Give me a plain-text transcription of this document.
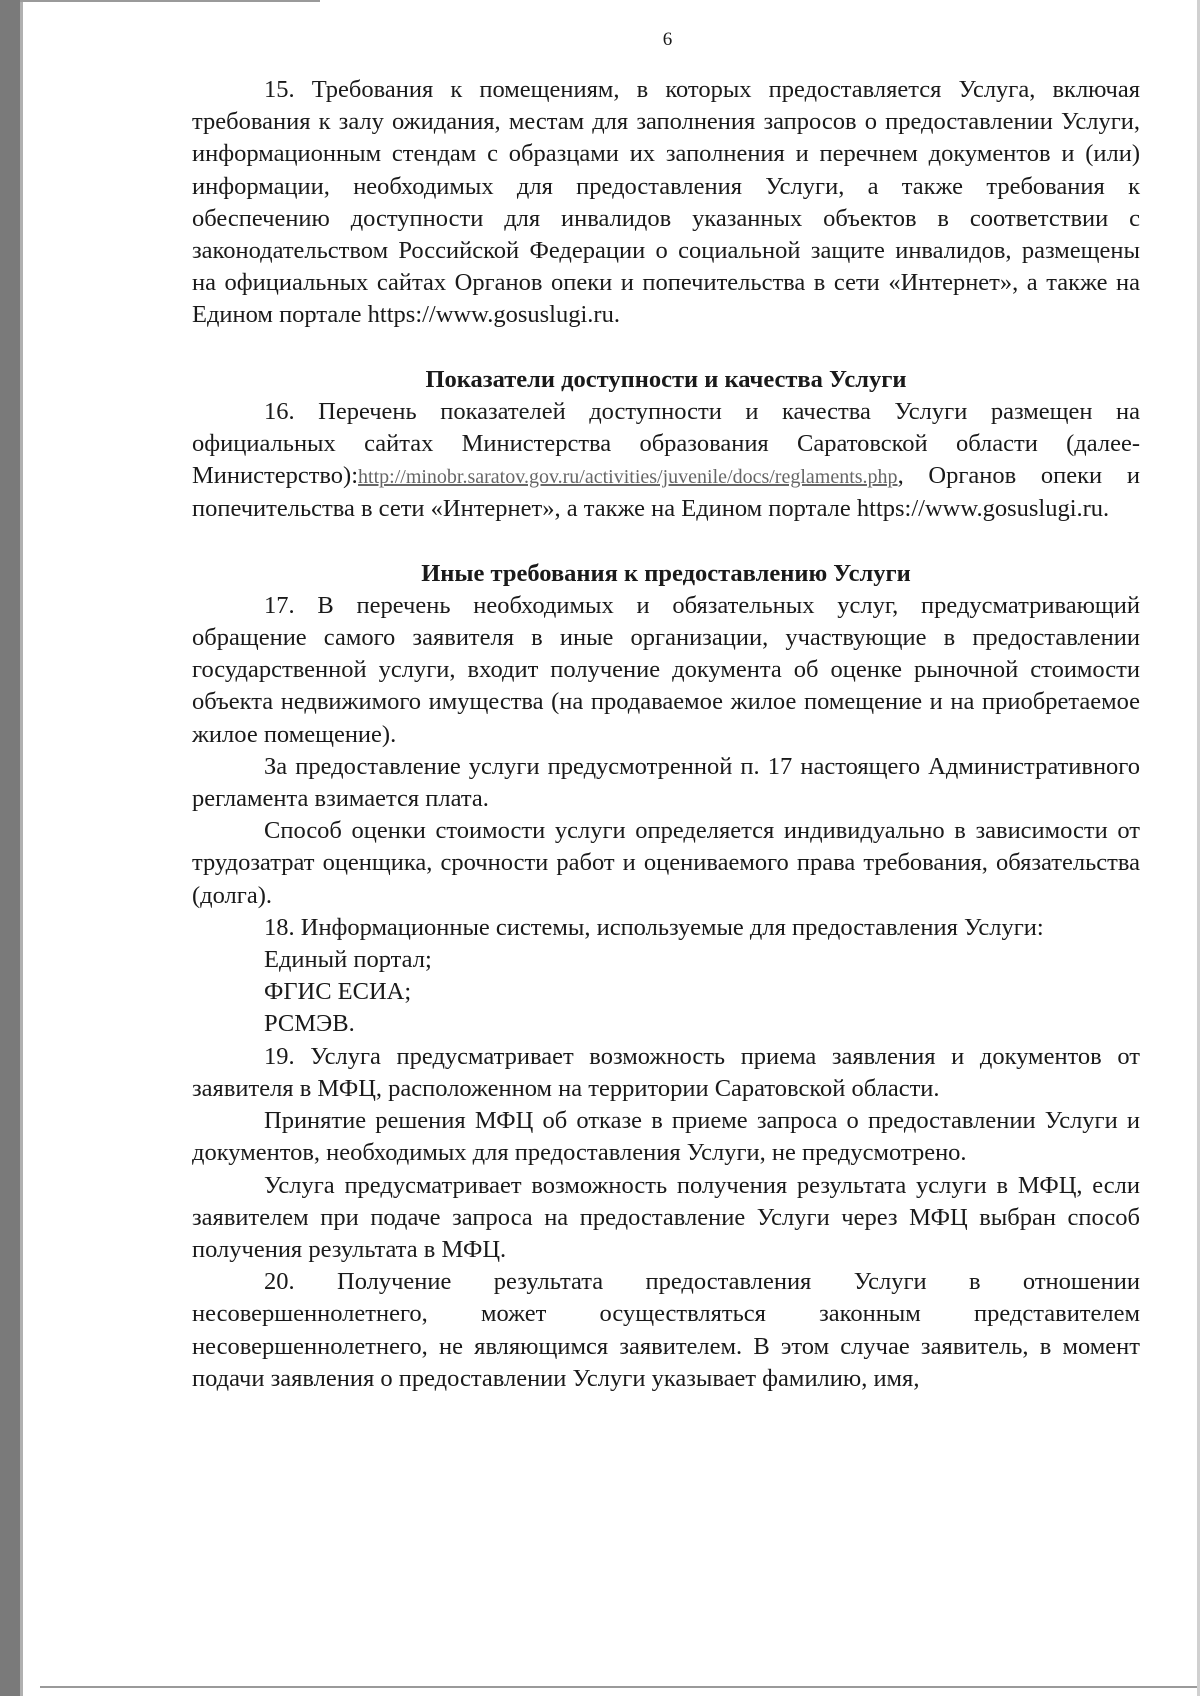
6

15. Требования к помещениям, в которых предоставляется Услуга, включая требования к залу ожидания, местам для заполнения запросов о предоставлении Услуги, информационным стендам с образцами их заполнения и перечнем документов и (или) информации, необходимых для предоставления Услуги, а также требования к обеспечению доступности для инвалидов указанных объектов в соответствии с законодательством Российской Федерации о социальной защите инвалидов, размещены на официальных сайтах Органов опеки и попечительства в сети «Интернет», а также на Едином портале https://www.gosuslugi.ru.

Показатели доступности и качества Услуги

16. Перечень показателей доступности и качества Услуги размещен на официальных сайтах Министерства образования Саратовской области (далее-Министерство):http://minobr.saratov.gov.ru/activities/juvenile/docs/reglaments.php, Органов опеки и попечительства в сети «Интернет», а также на Едином портале https://www.gosuslugi.ru.

Иные требования к предоставлению Услуги

17. В перечень необходимых и обязательных услуг, предусматривающий обращение самого заявителя в иные организации, участвующие в предоставлении государственной услуги, входит получение документа об оценке рыночной стоимости объекта недвижимого имущества (на продаваемое жилое помещение и на приобретаемое жилое помещение).

За предоставление услуги предусмотренной п. 17 настоящего Административного регламента взимается плата.

Способ оценки стоимости услуги определяется индивидуально в зависимости от трудозатрат оценщика, срочности работ и оцениваемого права требования, обязательства (долга).

18. Информационные системы, используемые для предоставления Услуги:

Единый портал;

ФГИС ЕСИА;

РСМЭВ.

19. Услуга предусматривает возможность приема заявления и документов от заявителя в МФЦ, расположенном на территории Саратовской области.

Принятие решения МФЦ об отказе в приеме запроса о предоставлении Услуги и документов, необходимых для предоставления Услуги, не предусмотрено.

Услуга предусматривает возможность получения результата услуги в МФЦ, если заявителем при подаче запроса на предоставление Услуги через МФЦ выбран способ получения результата в МФЦ.

20. Получение результата предоставления Услуги в отношении несовершеннолетнего, может осуществляться законным представителем несовершеннолетнего, не являющимся заявителем. В этом случае заявитель, в момент подачи заявления о предоставлении Услуги указывает фамилию, имя,
